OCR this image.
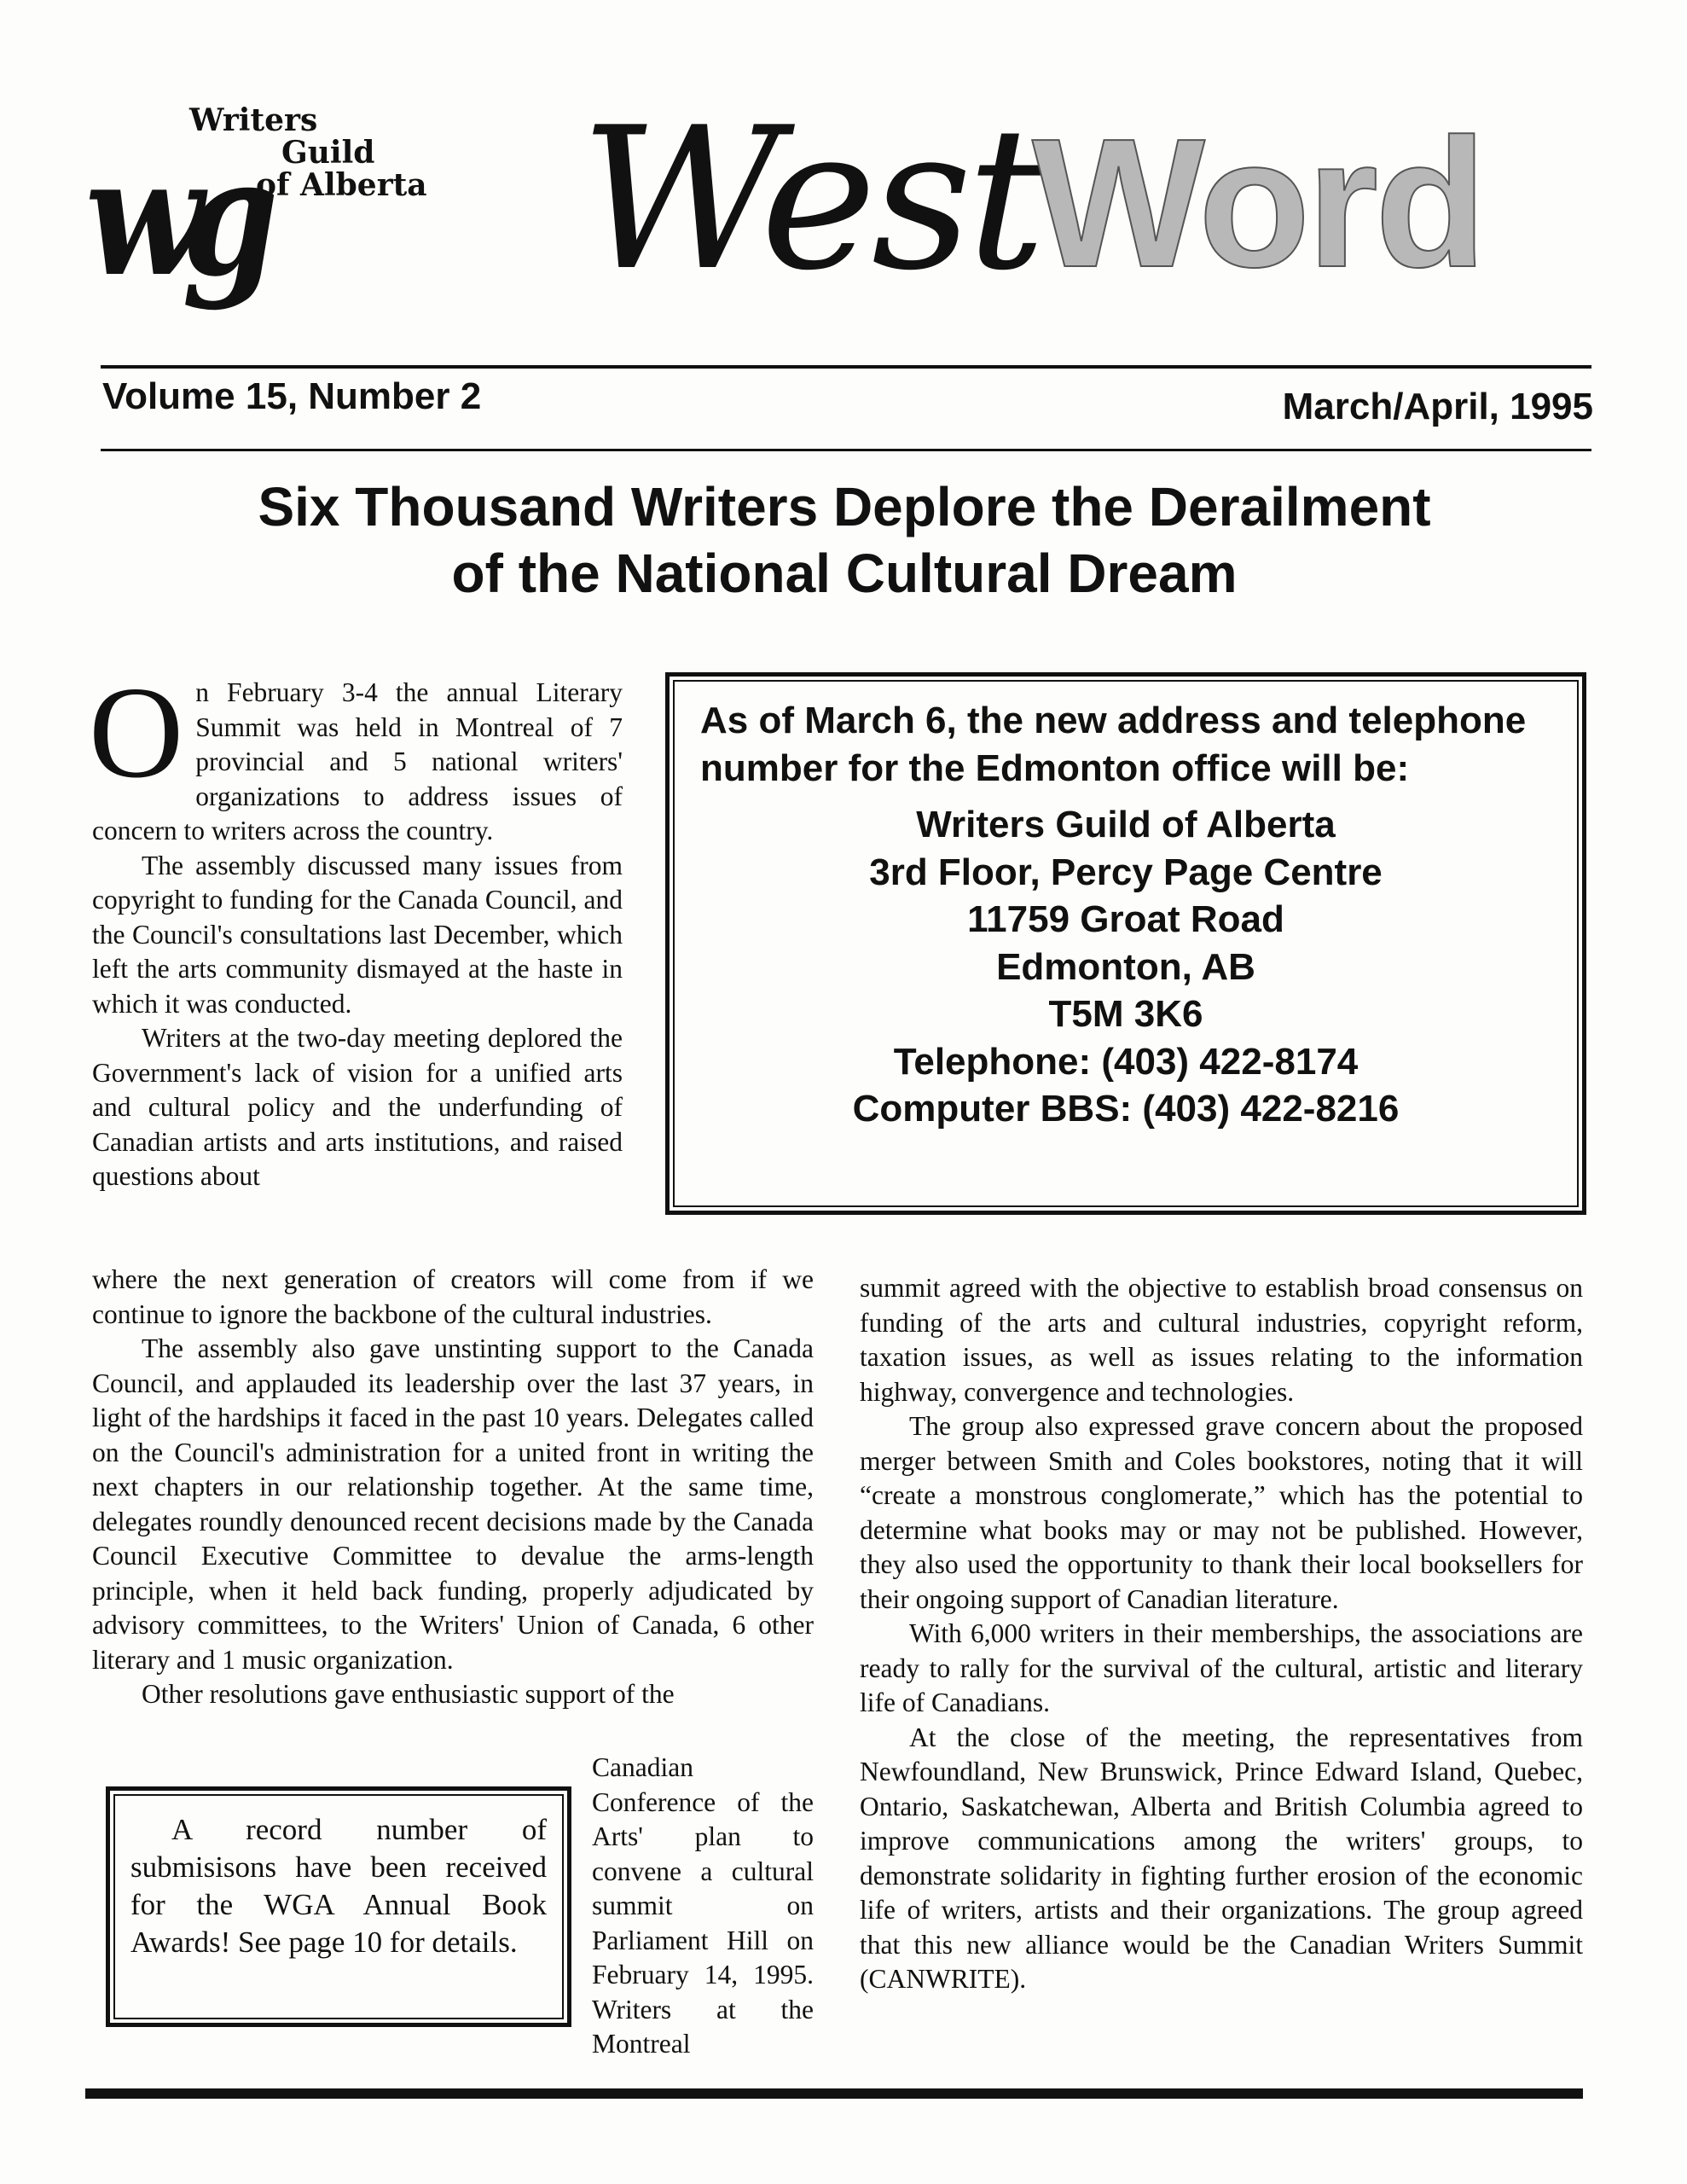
wg
Writers
Guild
of Alberta West
Word
Volume 15, Number 2	March/April, 1995
Six Thousand Writers Deplore the Derailment
of the National Cultural Dream

On February 3-4 the annual Literary Summit was held in Montreal of 7 provincial and 5 national writers' organizations to address issues of concern to writers across the country.

The assembly discussed many issues from copyright to funding for the Canada Council, and the Council's consultations last December, which left the arts community dismayed at the haste in which it was conducted.

Writers at the two-day meeting deplored the Government's lack of vision for a unified arts and cultural policy and the underfunding of Canadian artists and arts institutions, and raised questions about

where the next generation of creators will come from if we continue to ignore the backbone of the cultural industries.

The assembly also gave unstinting support to the Canada Council, and applauded its leadership over the last 37 years, in light of the hardships it faced in the past 10 years. Delegates called on the Council's administration for a united front in writing the next chapters in our relationship together. At the same time, delegates roundly denounced recent decisions made by the Canada Council Executive Committee to devalue the arms-length principle, when it held back funding, properly adjudicated by advisory committees, to the Writers' Union of Canada, 6 other literary and 1 music organization.

Other resolutions gave enthusiastic support of the

Canadian Conference of the Arts' plan to convene a cultural summit on Parliament Hill on February 14, 1995. Writers at the Montreal

A record number of submisisons have been received for the WGA Annual Book Awards! See page 10 for details.

As of March 6, the new address and telephone number for the Edmonton office will be:
Writers Guild of Alberta
3rd Floor, Percy Page Centre
11759 Groat Road
Edmonton, AB
T5M 3K6
Telephone: (403) 422-8174
Computer BBS: (403) 422-8216

summit agreed with the objective to establish broad consensus on funding of the arts and cultural industries, copyright reform, taxation issues, as well as issues relating to the information highway, convergence and technologies.

The group also expressed grave concern about the proposed merger between Smith and Coles bookstores, noting that it will “create a monstrous conglomerate,” which has the potential to determine what books may or may not be published. However, they also used the opportunity to thank their local booksellers for their ongoing support of Canadian literature.

With 6,000 writers in their memberships, the associations are ready to rally for the survival of the cultural, artistic and literary life of Canadians.

At the close of the meeting, the representatives from Newfoundland, New Brunswick, Prince Edward Island, Quebec, Ontario, Saskatchewan, Alberta and British Columbia agreed to improve communications among the writers' groups, to demonstrate solidarity in fighting further erosion of the economic life of writers, artists and their organizations. The group agreed that this new alliance would be the Canadian Writers Summit (CANWRITE).
